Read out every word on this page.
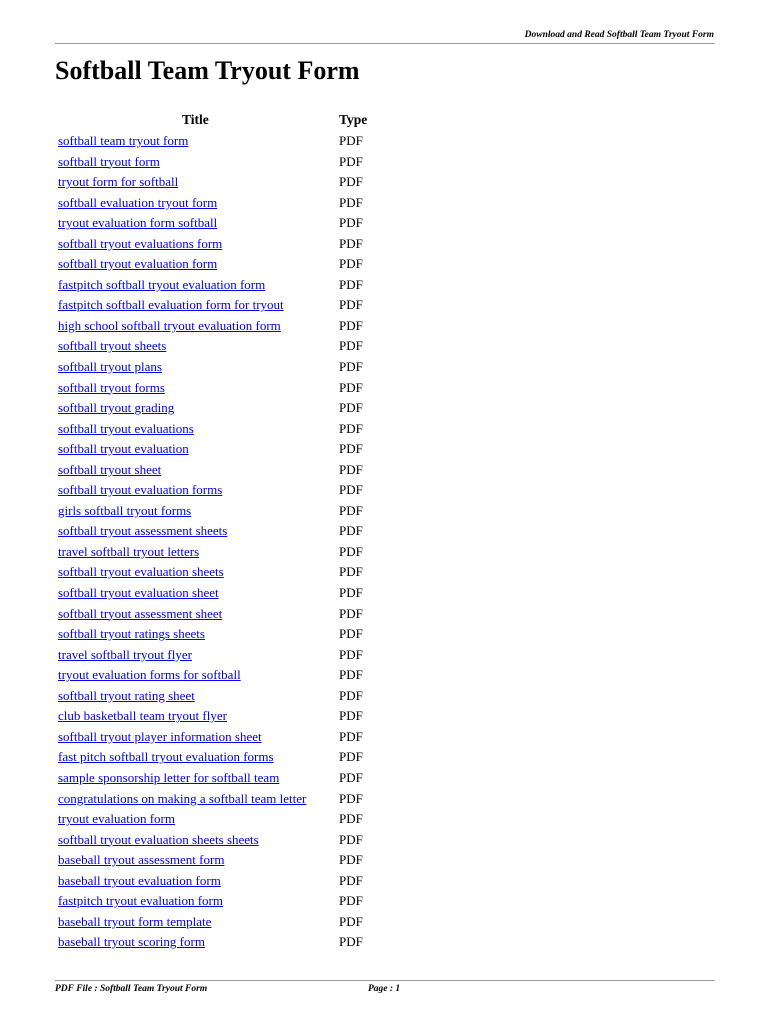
Download and Read Softball Team Tryout Form
Softball Team Tryout Form
Title	Type
softball team tryout form	PDF
softball tryout form	PDF
tryout form for softball	PDF
softball evaluation tryout form	PDF
tryout evaluation form softball	PDF
softball tryout evaluations form	PDF
softball tryout evaluation form	PDF
fastpitch softball tryout evaluation form	PDF
fastpitch softball evaluation form for tryout	PDF
high school softball tryout evaluation form	PDF
softball tryout sheets	PDF
softball tryout plans	PDF
softball tryout forms	PDF
softball tryout grading	PDF
softball tryout evaluations	PDF
softball tryout evaluation	PDF
softball tryout sheet	PDF
softball tryout evaluation forms	PDF
girls softball tryout forms	PDF
softball tryout assessment sheets	PDF
travel softball tryout letters	PDF
softball tryout evaluation sheets	PDF
softball tryout evaluation sheet	PDF
softball tryout assessment sheet	PDF
softball tryout ratings sheets	PDF
travel softball tryout flyer	PDF
tryout evaluation forms for softball	PDF
softball tryout rating sheet	PDF
club basketball team tryout flyer	PDF
softball tryout player information sheet	PDF
fast pitch softball tryout evaluation forms	PDF
sample sponsorship letter for softball team	PDF
congratulations on making a softball team letter	PDF
tryout evaluation form	PDF
softball tryout evaluation sheets sheets	PDF
baseball tryout assessment form	PDF
baseball tryout evaluation form	PDF
fastpitch tryout evaluation form	PDF
baseball tryout form template	PDF
baseball tryout scoring form	PDF
PDF File : Softball Team Tryout Form	Page : 1
